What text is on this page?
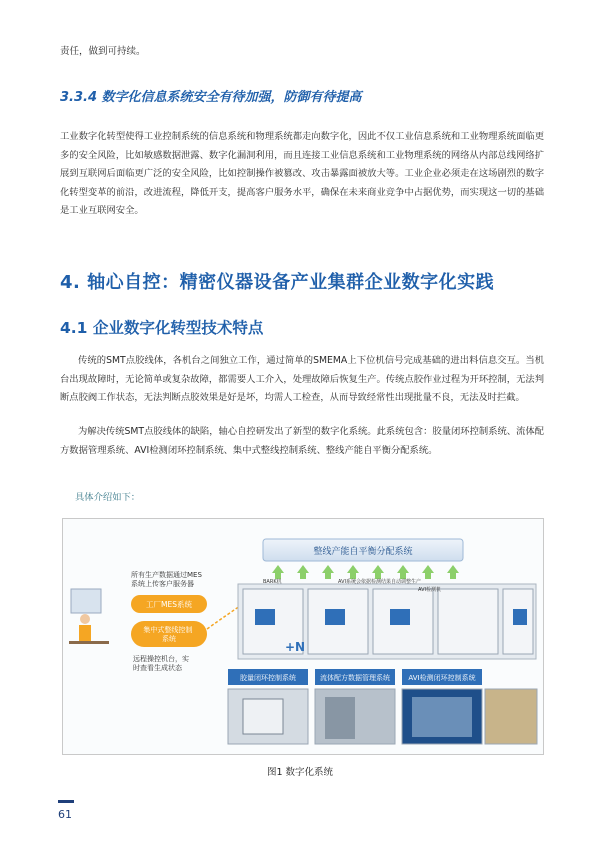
责任，做到可持续。
3.3.4 数字化信息系统安全有待加强，防御有待提高

工业数字化转型使得工业控制系统的信息系统和物理系统都走向数字化，因此不仅工业信息系统和工业物理系统面临更多的安全风险，比如敏感数据泄露、数字化漏洞利用，而且连接工业信息系统和工业物理系统的网络从内部总线网络扩展到互联网后面临更广泛的安全风险，比如控制操作被篡改、攻击暴露面被放大等。工业企业必须走在这场剧烈的数字化转型变革的前沿，改进流程，降低开支，提高客户服务水平，确保在未来商业竞争中占据优势，而实现这一切的基础是工业互联网安全。

4. 轴心自控：精密仪器设备产业集群企业数字化实践
4.1 企业数字化转型技术特点

传统的SMT点胶线体，各机台之间独立工作，通过简单的SMEMA上下位机信号完成基础的进出料信息交互。当机台出现故障时，无论简单或复杂故障，都需要人工介入，处理故障后恢复生产。传统点胶作业过程为开环控制，无法判断点胶阀工作状态，无法判断点胶效果是好是坏，均需人工检查，从而导致经常性出现批量不良，无法及时拦截。

为解决传统SMT点胶线体的缺陷，轴心自控研发出了新型的数字化系统。此系统包含：胶量闭环控制系统、流体配方数据管理系统、AVI检测闭环控制系统、集中式整线控制系统、整线产能自平衡分配系统。

具体介绍如下：
整线产能自平衡分配系统
所有生产数据通过MES 系统上传客户服务器
工厂MES系统
集中式整线控制 系统
远程操控机台，实 时查看生成状态
BARK机	AVI系统会依据检测结果自动调整生产
AVI检测机
+N
胶量闭环控制系统	流体配方数据管理系统	AVI检测闭环控制系统
图1 数字化系统
61
